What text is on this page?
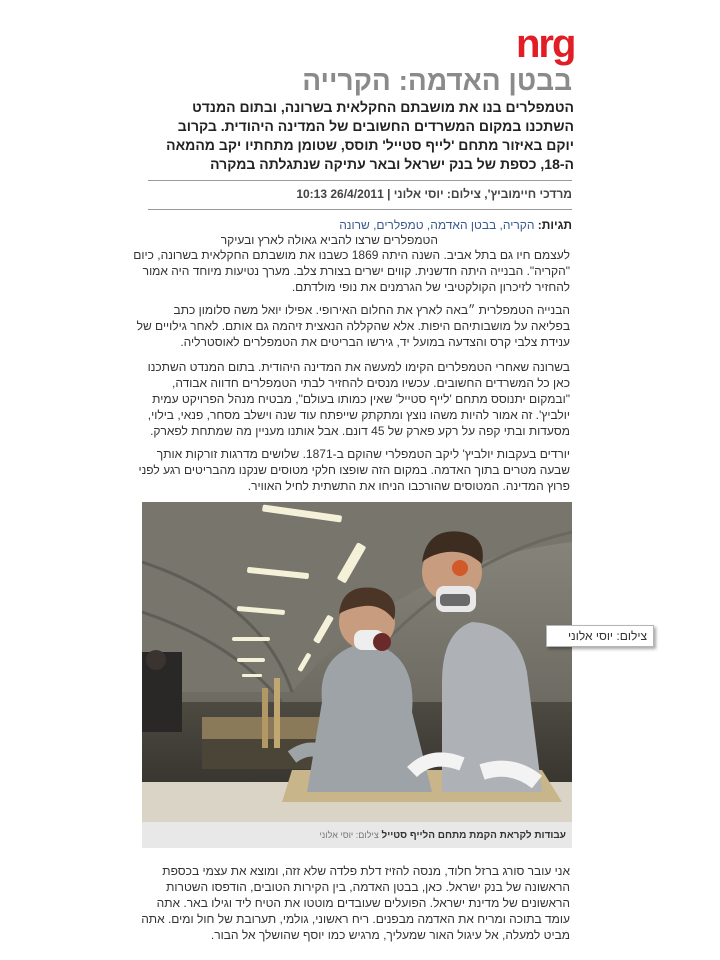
nrg
בבטן האדמה: הקרייה

הטמפלרים בנו את מושבתם החקלאית בשרונה, ובתום המנדט השתכנו במקום המשרדים החשובים של המדינה היהודית. בקרוב יוקם באיזור מתחם 'לייף סטייל' תוסס, שטומן מתחתיו יקב מהמאה ה-18, כספת של בנק ישראל ובאר עתיקה שנתגלתה במקרה

מרדכי חיימוביץ', צילום: יוסי אלוני | 26/4/2011 10:13
תגיות: הקריה, בבטן האדמה, טמפלרים, שרונה
הטמפלרים שרצו להביא גאולה לארץ ובעיקר

לעצמם חיו גם בתל אביב. השנה היתה 1869 כשבנו את מושבתם החקלאית בשרונה, כיום "הקריה". הבנייה היתה חדשנית. קווים ישרים בצורת צלב. מערך נטיעות מיוחד היה אמור להחזיר לזיכרון הקולקטיבי של הגרמנים את נופי מולדתם.

הבנייה הטמפלרית ״באה לארץ את החלום האירופי. אפילו יואל משה סלומון כתב בפליאה על מושבותיהם היפות. אלא שהקללה הנאצית זיהמה גם אותם. לאחר גילויים של ענידת צלבי קרס והצדעה במועל יד, גירשו הבריטים את הטמפלרים לאוסטרליה.

בשרונה שאחרי הטמפלרים הקימו למעשה את המדינה היהודית. בתום המנדט השתכנו כאן כל המשרדים החשובים. עכשיו מנסים להחזיר לבתי הטמפלרים חדווה אבודה, "ובמקום יתנוסס מתחם 'לייף סטייל' שאין כמותו בעולם", מבטיח מנהל הפרויקט עמית יולביץ'. זה אמור להיות משהו נוצץ ומתקתק שייפתח עוד שנה וישלב מסחר, פנאי, בילוי, מסעדות ובתי קפה על רקע פארק של 45 דונם. אבל אותנו מעניין מה שמתחת לפארק.

יורדים בעקבות יולביץ' ליקב הטמפלרי שהוקם ב-1871. שלושים מדרגות זורקות אותך שבעה מטרים בתוך האדמה. במקום הזה שופצו חלקי מטוסים שנקנו מהבריטים רגע לפני פרוץ המדינה. המטוסים שהורכבו הניחו את התשתית לחיל האוויר.

צילום: יוסי אלוני
עבודות לקראת הקמת מתחם הלייף סטייל צילום: יוסי אלוני

אני עובר סורג ברזל חלוד, מנסה להזיז דלת פלדה שלא זזה, ומוצא את עצמי בכספת הראשונה של בנק ישראל. כאן, בבטן האדמה, בין הקירות הטובים, הודפסו השטרות הראשונים של מדינת ישראל. הפועלים שעובדים מוטטו את הטיח ליד וגילו באר. אתה עומד בתוכה ומריח את האדמה מבפנים. ריח ראשוני, גולמי, תערובת של חול ומים. אתה מביט למעלה, אל עיגול האור שמעליך, מרגיש כמו יוסף שהושלך אל הבור.
